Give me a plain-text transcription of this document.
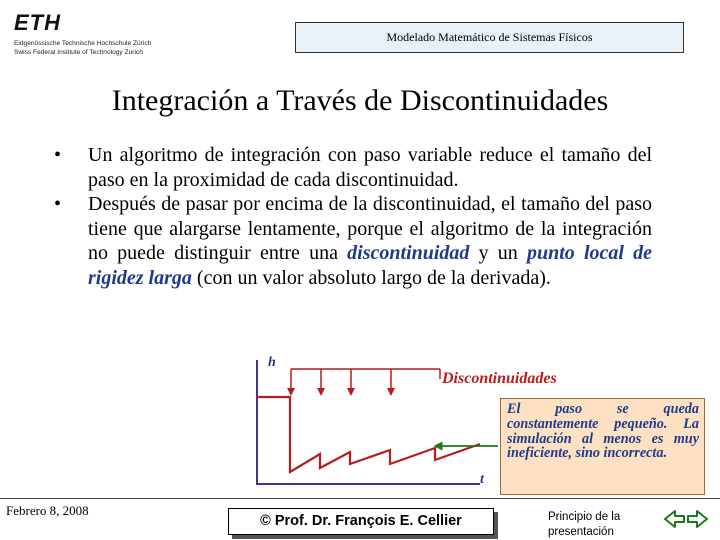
ETH
Eidgenössische Technische Hochschule Zürich
Swiss Federal Institute of Technology Zurich
Modelado Matemático de Sistemas Físicos
Integración a Través de Discontinuidades
• Un algoritmo de integración con paso variable reduce el tamaño del paso en la proximidad de cada discontinuidad.
• Después de pasar por encima de la discontinuidad, el tamaño del paso tiene que alargarse lentamente, porque el algoritmo de la integración no puede distinguir entre una discontinuidad y un punto local de rigidez larga (con un valor absoluto largo de la derivada).
h
t
Discontinuidades
El paso se queda constantemente pequeño. La simulación al menos es muy ineficiente, sino incorrecta.
Febrero 8, 2008
© Prof. Dr. François E. Cellier	Principio de la presentación
